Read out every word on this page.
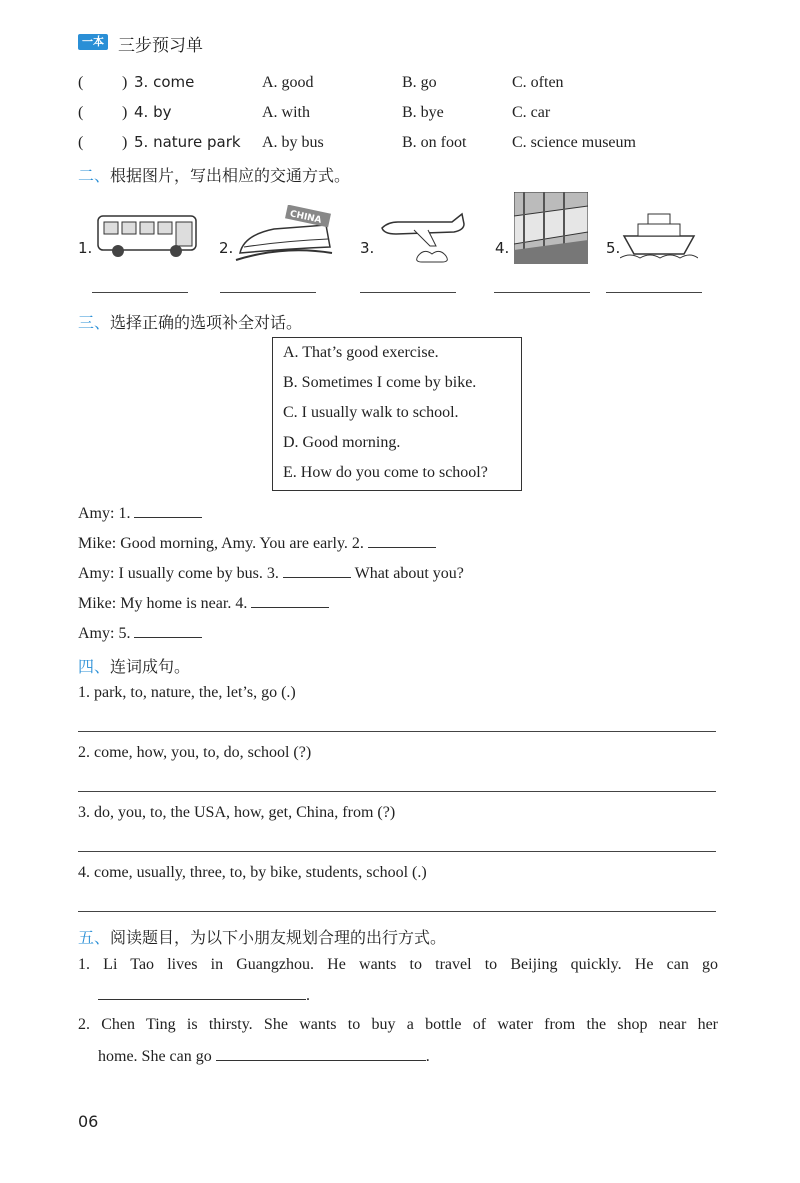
一本 三步预习单
( ) 3. come	A. good	B. go	C. often
( ) 4. by	A. with	B. bye	C. car
( ) 5. nature park A. by bus	B. on foot	C. science museum
二、根据图片，写出相应的交通方式。
1.	2.
CHINA
3.	4.	5.
三、选择正确的选项补全对话。
A. That’s good exercise.
B. Sometimes I come by bike.
C. I usually walk to school.
D. Good morning.
E. How do you come to school?
Amy: 1.
Mike: Good morning, Amy. You are early. 2.
Amy: I usually come by bus. 3.	What about you?
Mike: My home is near. 4.
Amy: 5.
四、连词成句。
1. park, to, nature, the, let’s, go (.)
2. come, how, you, to, do, school (?)
3. do, you, to, the USA, how, get, China, from (?)
4. come, usually, three, to, by bike, students, school (.)
五、阅读题目，为以下小朋友规划合理的出行方式。
1. Li Tao lives in Guangzhou. He wants to travel to Beijing quickly. He can go
.
2. Chen Ting is thirsty. She wants to buy a bottle of water from the shop near her
home. She can go	.
06
